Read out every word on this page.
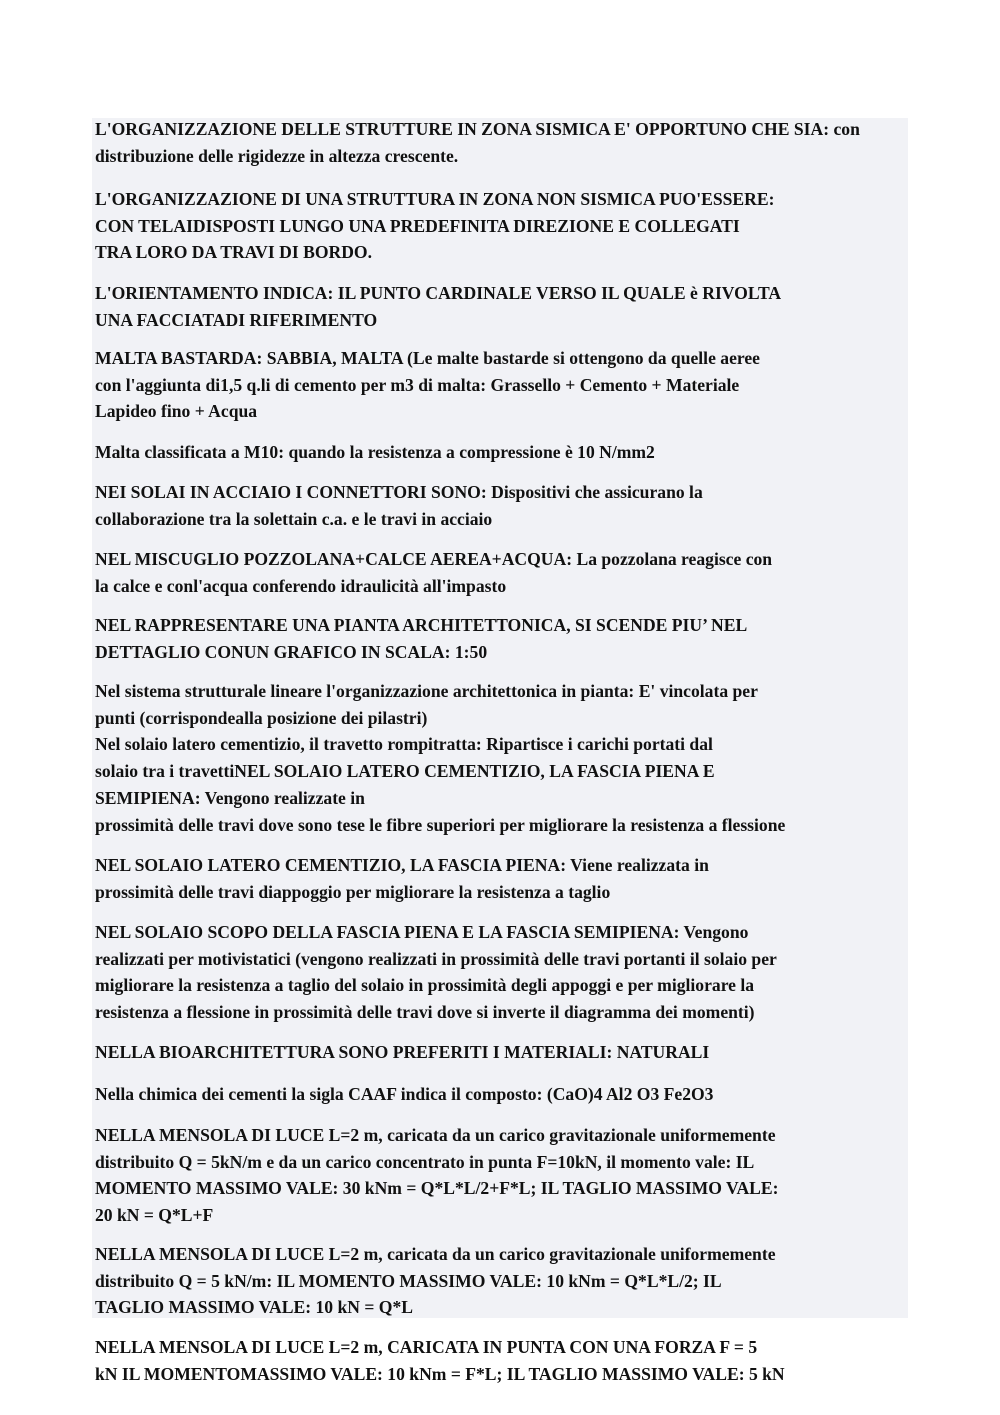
L'ORGANIZZAZIONE DELLE STRUTTURE IN ZONA SISMICA E' OPPORTUNO CHE SIA: con
distribuzione delle rigidezze in altezza crescente.

L'ORGANIZZAZIONE DI UNA STRUTTURA IN ZONA NON SISMICA PUO'ESSERE:
CON TELAIDISPOSTI LUNGO UNA PREDEFINITA DIREZIONE E COLLEGATI
TRA LORO DA TRAVI DI BORDO.

L'ORIENTAMENTO INDICA: IL PUNTO CARDINALE VERSO IL QUALE è RIVOLTA
UNA FACCIATADI RIFERIMENTO

MALTA BASTARDA: SABBIA, MALTA (Le malte bastarde si ottengono da quelle aeree
con l'aggiunta di1,5 q.li di cemento per m3 di malta: Grassello + Cemento + Materiale
Lapideo fino + Acqua

Malta classificata a M10: quando la resistenza a compressione è 10 N/mm2

NEI SOLAI IN ACCIAIO I CONNETTORI SONO: Dispositivi che assicurano la
collaborazione tra la solettain c.a. e le travi in acciaio

NEL MISCUGLIO POZZOLANA+CALCE AEREA+ACQUA: La pozzolana reagisce con
la calce e conl'acqua conferendo idraulicità all'impasto

NEL RAPPRESENTARE UNA PIANTA ARCHITETTONICA, SI SCENDE PIU’ NEL
DETTAGLIO CONUN GRAFICO IN SCALA: 1:50

Nel sistema strutturale lineare l'organizzazione architettonica in pianta: E' vincolata per
punti (corrispondealla posizione dei pilastri)
Nel solaio latero cementizio, il travetto rompitratta: Ripartisce i carichi portati dal
solaio tra i travettiNEL SOLAIO LATERO CEMENTIZIO, LA FASCIA PIENA E
SEMIPIENA: Vengono realizzate in
prossimità delle travi dove sono tese le fibre superiori per migliorare la resistenza a flessione

NEL SOLAIO LATERO CEMENTIZIO, LA FASCIA PIENA: Viene realizzata in
prossimità delle travi diappoggio per migliorare la resistenza a taglio

NEL SOLAIO SCOPO DELLA FASCIA PIENA E LA FASCIA SEMIPIENA: Vengono
realizzati per motivistatici (vengono realizzati in prossimità delle travi portanti il solaio per
migliorare la resistenza a taglio del solaio in prossimità degli appoggi e per migliorare la
resistenza a flessione in prossimità delle travi dove si inverte il diagramma dei momenti)

NELLA BIOARCHITETTURA SONO PREFERITI I MATERIALI: NATURALI

Nella chimica dei cementi la sigla CAAF indica il composto: (CaO)4 Al2 O3 Fe2O3

NELLA MENSOLA DI LUCE L=2 m, caricata da un carico gravitazionale uniformemente
distribuito Q = 5kN/m e da un carico concentrato in punta F=10kN, il momento vale: IL
MOMENTO MASSIMO VALE: 30 kNm = Q*L*L/2+F*L; IL TAGLIO MASSIMO VALE:
20 kN = Q*L+F

NELLA MENSOLA DI LUCE L=2 m, caricata da un carico gravitazionale uniformemente
distribuito Q = 5 kN/m: IL MOMENTO MASSIMO VALE: 10 kNm = Q*L*L/2; IL
TAGLIO MASSIMO VALE: 10 kN = Q*L

NELLA MENSOLA DI LUCE L=2 m, CARICATA IN PUNTA CON UNA FORZA F = 5
kN IL MOMENTOMASSIMO VALE: 10 kNm = F*L; IL TAGLIO MASSIMO VALE: 5 kN
